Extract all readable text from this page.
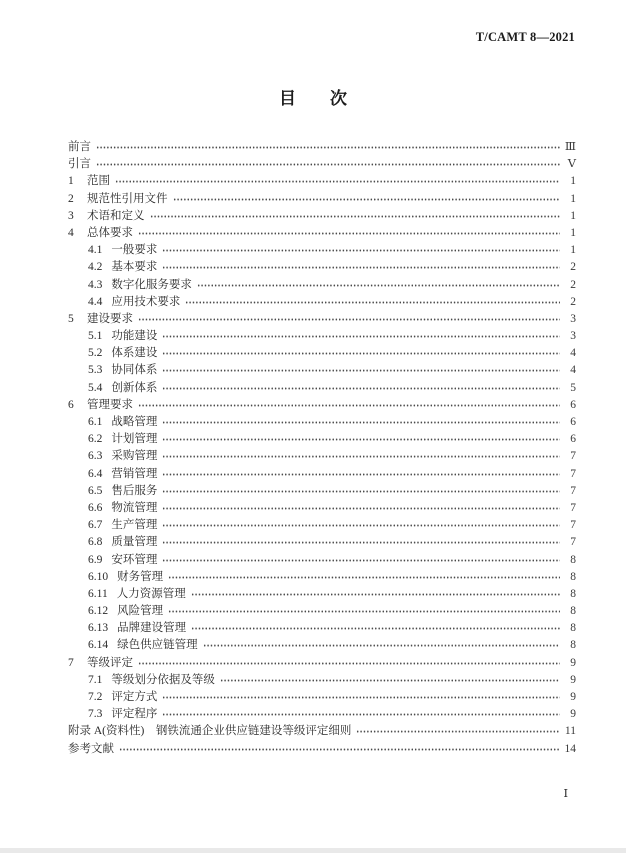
T/CAMT 8—2021
目　　次
前言	Ⅲ
引言	Ⅴ
1	范围	1
2	规范性引用文件	1
3	术语和定义	1
4	总体要求	1
4.1 一般要求	1
4.2 基本要求	2
4.3 数字化服务要求	2
4.4 应用技术要求	2
5	建设要求	3
5.1 功能建设	3
5.2 体系建设	4
5.3 协同体系	4
5.4 创新体系	5
6	管理要求	6
6.1 战略管理	6
6.2 计划管理	6
6.3 采购管理	7
6.4 营销管理	7
6.5 售后服务	7
6.6 物流管理	7
6.7 生产管理	7
6.8 质量管理	7
6.9 安环管理	8
6.10 财务管理	8
6.11 人力资源管理	8
6.12 风险管理	8
6.13 品牌建设管理	8
6.14 绿色供应链管理	8
7	等级评定	9
7.1 等级划分依据及等级	9
7.2 评定方式	9
7.3 评定程序	9
附录 A(资料性)　钢铁流通企业供应链建设等级评定细则	11
参考文献	14
Ⅰ
